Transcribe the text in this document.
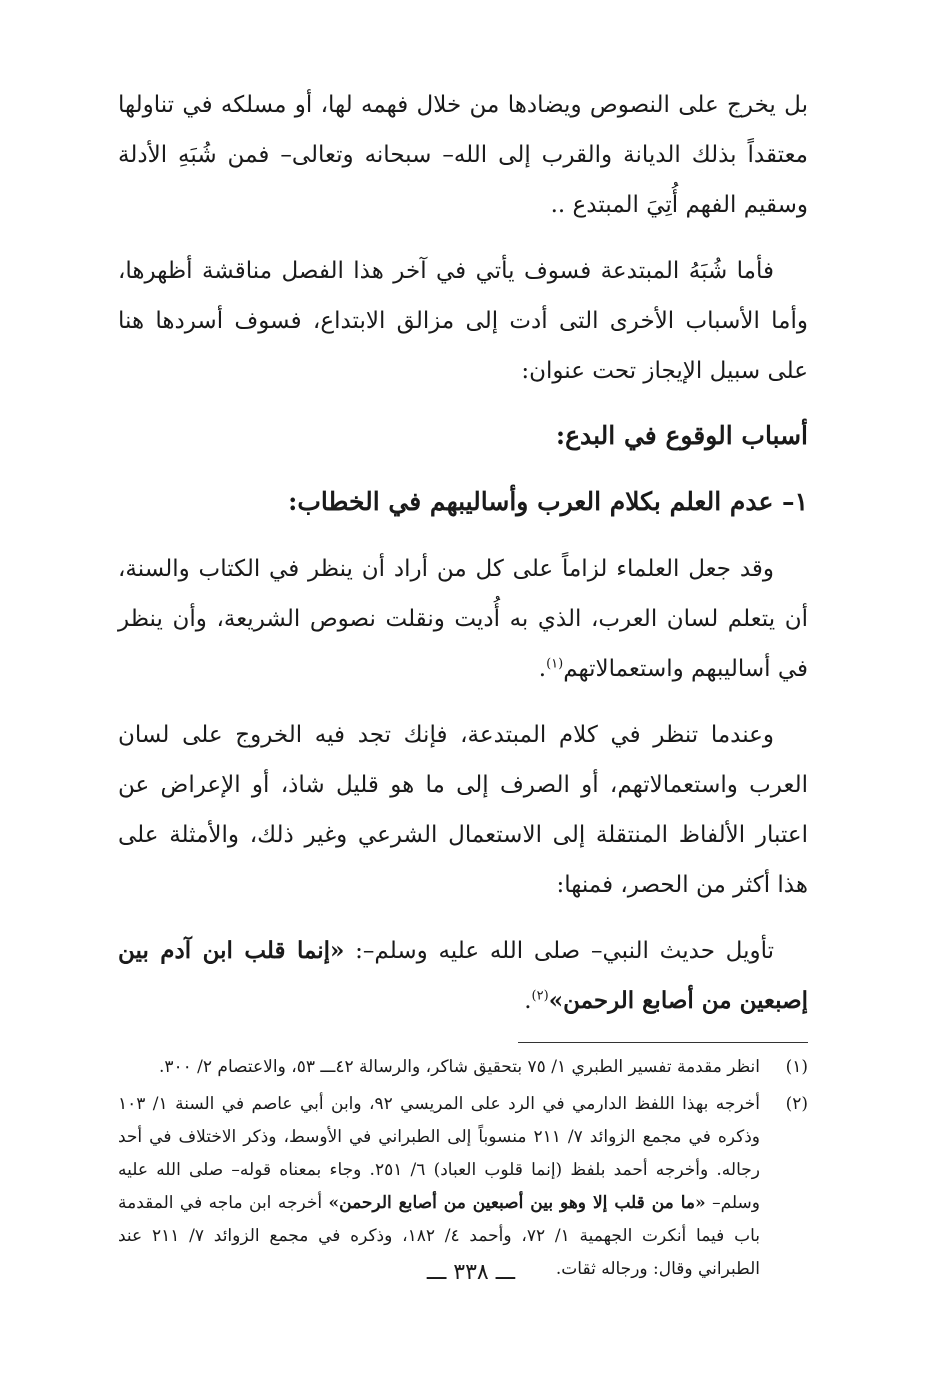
بل يخرج على النصوص ويضادها من خلال فهمه لها، أو مسلكه في تناولها معتقداً بذلك الديانة والقرب إلى الله– سبحانه وتعالى– فمن شُبَهِ الأدلة وسقيم الفهم أُتِيَ المبتدع ..

فأما شُبَهُ المبتدعة فسوف يأتي في آخر هذا الفصل مناقشة أظهرها، وأما الأسباب الأخرى التى أدت إلى مزالق الابتداع، فسوف أسردها هنا على سبيل الإيجاز تحت عنوان:

أسباب الوقوع في البدع:
١– عدم العلم بكلام العرب وأساليبهم في الخطاب:

وقد جعل العلماء لزاماً على كل من أراد أن ينظر في الكتاب والسنة، أن يتعلم لسان العرب، الذي به أُديت ونقلت نصوص الشريعة، وأن ينظر في أساليبهم واستعمالاتهم$^{(١)}$.

وعندما تنظر في كلام المبتدعة، فإنك تجد فيه الخروج على لسان العرب واستعمالاتهم، أو الصرف إلى ما هو قليل شاذ، أو الإعراض عن اعتبار الألفاظ المنتقلة إلى الاستعمال الشرعي وغير ذلك، والأمثلة على هذا أكثر من الحصر، فمنها:

تأويل حديث النبي– صلى الله عليه وسلم–: «إنما قلب ابن آدم بين إصبعين من أصابع الرحمن»$^{(٢)}$.

(١)
انظر مقدمة تفسير الطبري ١/ ٧٥ بتحقيق شاكر، والرسالة ٤٢ـــ ٥٣، والاعتصام ٢/ ٣٠٠.
(٢)
أخرجه بهذا اللفظ الدارمي في الرد على المريسي ٩٢، وابن أبي عاصم في السنة ١/ ١٠٣ وذكره في مجمع الزوائد ٧/ ٢١١ منسوباً إلى الطبراني في الأوسط، وذكر الاختلاف في أحد رجاله. وأخرجه أحمد بلفظ (إنما قلوب العباد) ٦/ ٢٥١. وجاء بمعناه قوله– صلى الله عليه وسلم– «ما من قلب إلا وهو بين أصبعين من أصابع الرحمن» أخرجه ابن ماجه في المقدمة باب فيما أنكرت الجهمية ١/ ٧٢، وأحمد ٤/ ١٨٢، وذكره في مجمع الزوائد ٧/ ٢١١ عند الطبراني وقال: ورجاله ثقات.
ـــ ٣٣٨ ـــ
